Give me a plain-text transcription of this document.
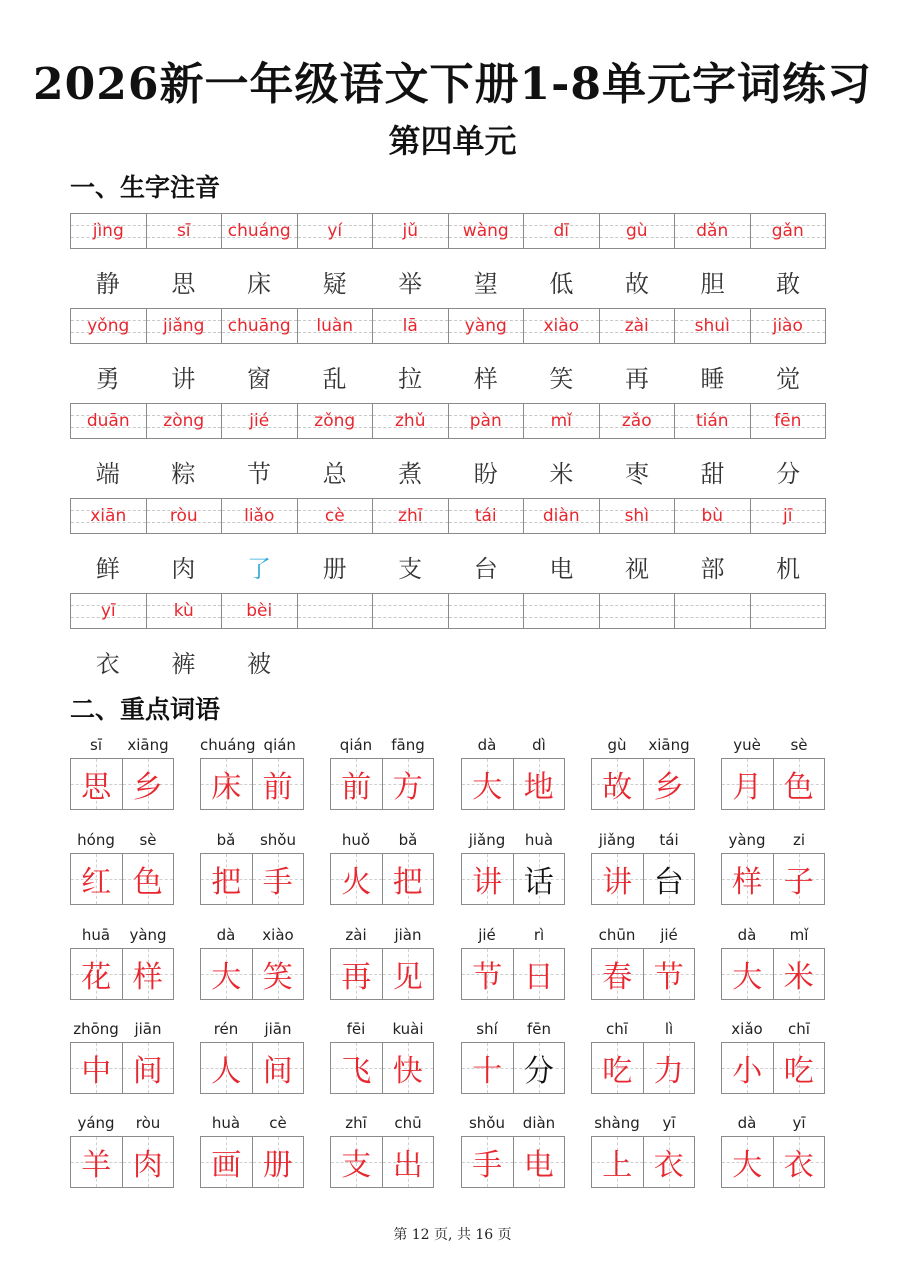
2026新一年级语文下册1-8单元字词练习
第四单元
一、生字注音
jìng	sī chuáng yí	jǔ	wàng	dī	gù	dǎn	gǎn
静	思	床	疑	举	望	低	故	胆	敢
yǒng jiǎng chuāng luàn	lā	yàng xiào	zài	shuì	jiào
勇	讲	窗	乱	拉	样	笑	再	睡	觉
duān zòng	jié	zǒng zhǔ	pàn	mǐ	zǎo	tián	fēn
端	粽	节	总	煮	盼	米	枣	甜	分
xiān	ròu	liǎo	cè	zhī	tái	diàn	shì	bù	jī
鲜	肉	了	册	支	台	电	视	部	机
yī	kù	bèi
衣	裤	被
二、重点词语
sī	xiāng
思 乡
chuáng qián
床 前
qián	fāng
前 方
dà	dì
大 地
gù	xiāng
故 乡
yuè	sè
月 色
hóng	sè
红 色
bǎ	shǒu
把 手
huǒ	bǎ
火 把
jiǎng	huà
讲 话
jiǎng	tái
讲 台
yàng	zi
样 子
huā	yàng
花 样
dà	xiào
大 笑
zài	jiàn
再 见
jié	rì
节 日
chūn	jié
春 节
dà	mǐ
大 米
zhōng	jiān
中 间
rén	jiān
人 间
fēi	kuài
飞 快
shí	fēn
十 分
chī	lì
吃 力
xiǎo	chī
小 吃
yáng	ròu
羊 肉
huà	cè
画 册
zhī	chū
支 出
shǒu	diàn
手 电
shàng	yī
上 衣
dà	yī
大 衣
第 12 页, 共 16 页
